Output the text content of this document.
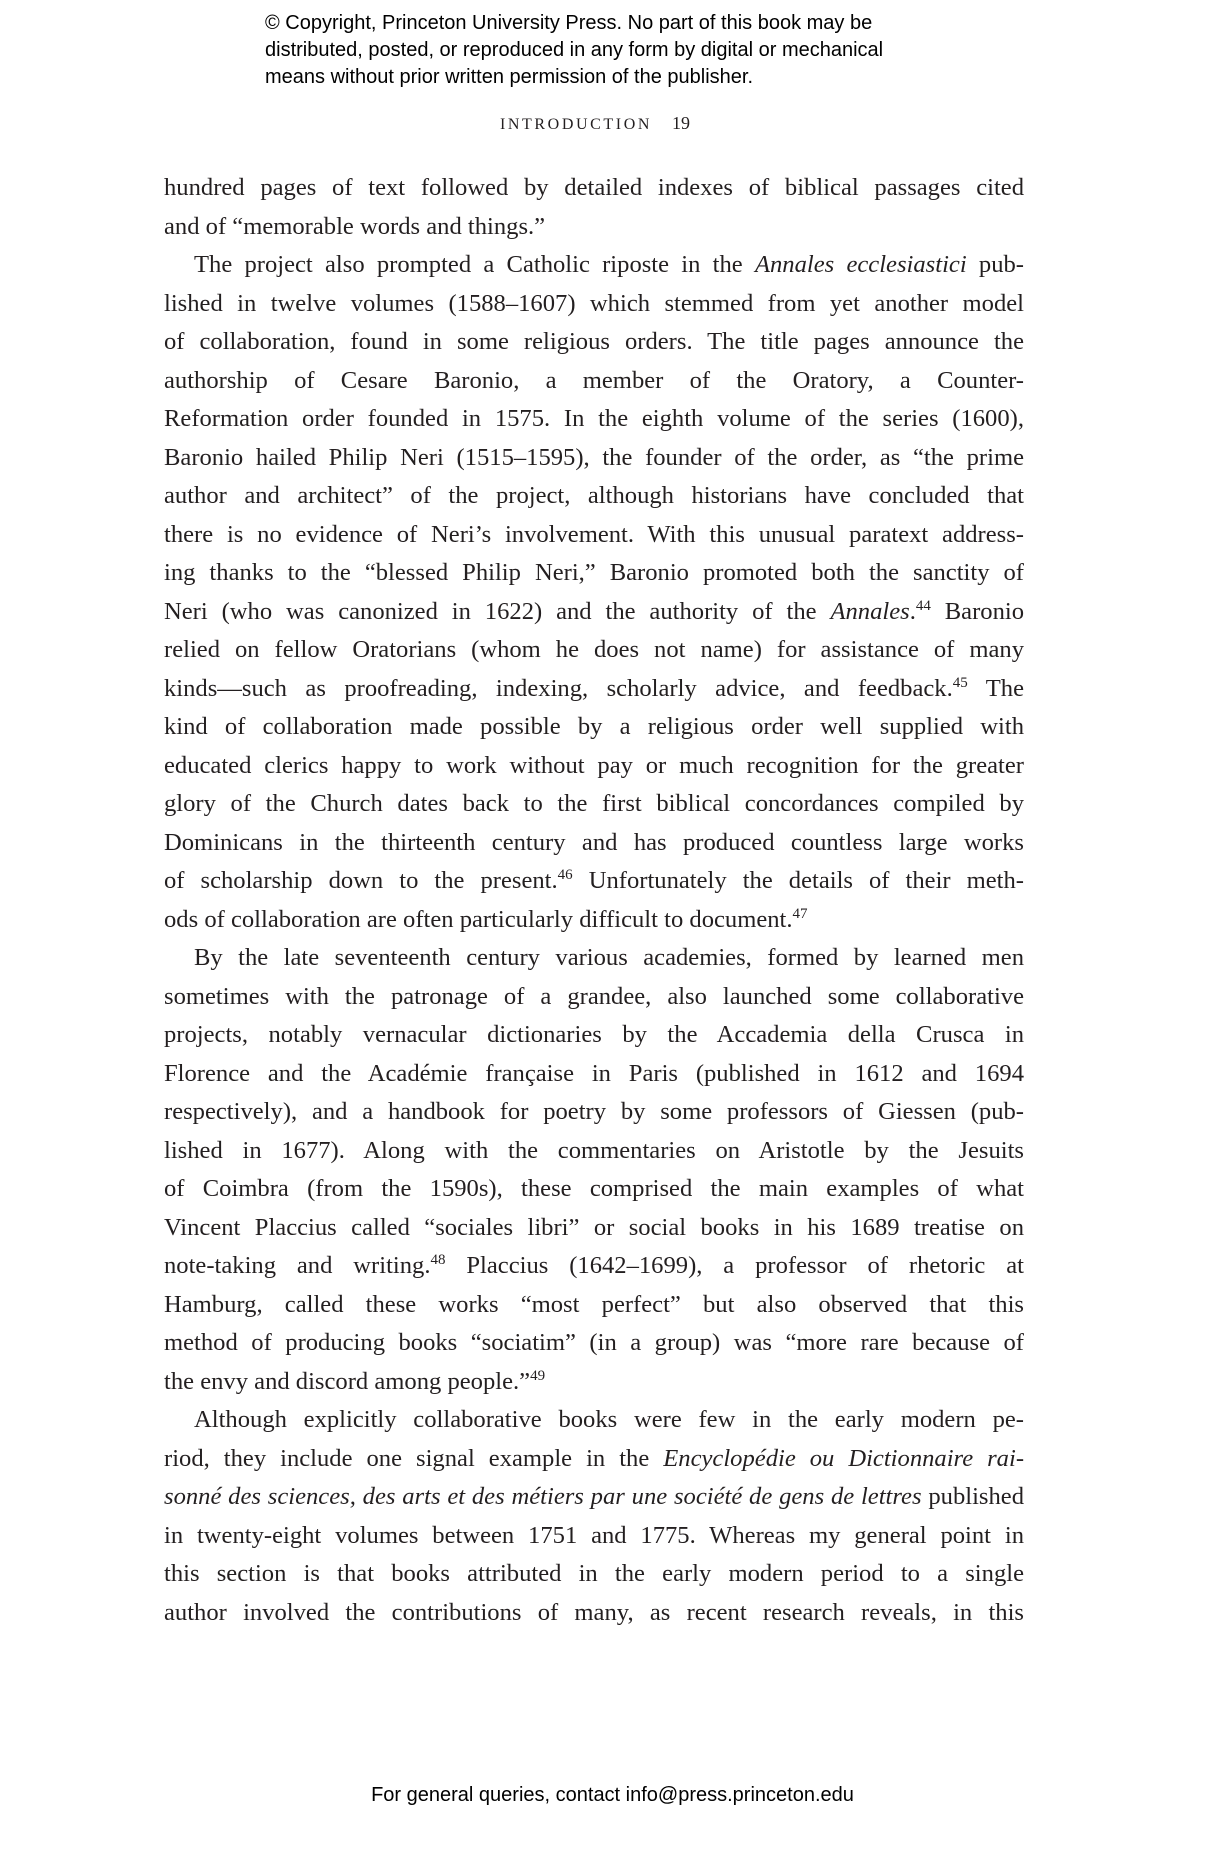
© Copyright, Princeton University Press. No part of this book may be
distributed, posted, or reproduced in any form by digital or mechanical
means without prior written permission of the publisher.
INTRODUCTION 19
hundred pages of text followed by detailed indexes of biblical passages cited
and of “memorable words and things.”
The project also prompted a Catholic riposte in the Annales ecclesiastici pub-
lished in twelve volumes (1588–1607) which stemmed from yet another model
of collaboration, found in some religious orders. The title pages announce the
authorship of Cesare Baronio, a member of the Oratory, a Counter-
Reformation order founded in 1575. In the eighth volume of the series (1600),
Baronio hailed Philip Neri (1515–1595), the founder of the order, as “the prime
author and architect” of the project, although historians have concluded that
there is no evidence of Neri’s involvement. With this unusual paratext address-
ing thanks to the “blessed Philip Neri,” Baronio promoted both the sanctity of
Neri (who was canonized in 1622) and the authority of the Annales.$^{44}$ Baronio
relied on fellow Oratorians (whom he does not name) for assistance of many
kinds—such as proofreading, indexing, scholarly advice, and feedback.$^{45}$ The
kind of collaboration made possible by a religious order well supplied with
educated clerics happy to work without pay or much recognition for the greater
glory of the Church dates back to the first biblical concordances compiled by
Dominicans in the thirteenth century and has produced countless large works
of scholarship down to the present.$^{46}$ Unfortunately the details of their meth-
ods of collaboration are often particularly difficult to document.$^{47}$
By the late seventeenth century various academies, formed by learned men
sometimes with the patronage of a grandee, also launched some collaborative
projects, notably vernacular dictionaries by the Accademia della Crusca in
Florence and the Académie française in Paris (published in 1612 and 1694
respectively), and a handbook for poetry by some professors of Giessen (pub-
lished in 1677). Along with the commentaries on Aristotle by the Jesuits
of Coimbra (from the 1590s), these comprised the main examples of what
Vincent Placcius called “sociales libri” or social books in his 1689 treatise on
note-taking and writing.$^{48}$ Placcius (1642–1699), a professor of rhetoric at
Hamburg, called these works “most perfect” but also observed that this
method of producing books “sociatim” (in a group) was “more rare because of
the envy and discord among people.”$^{49}$
Although explicitly collaborative books were few in the early modern pe-
riod, they include one signal example in the Encyclopédie ou Dictionnaire rai-
sonné des sciences, des arts et des métiers par une société de gens de lettres published
in twenty-eight volumes between 1751 and 1775. Whereas my general point in
this section is that books attributed in the early modern period to a single
author involved the contributions of many, as recent research reveals, in this
For general queries, contact info@press.princeton.edu
